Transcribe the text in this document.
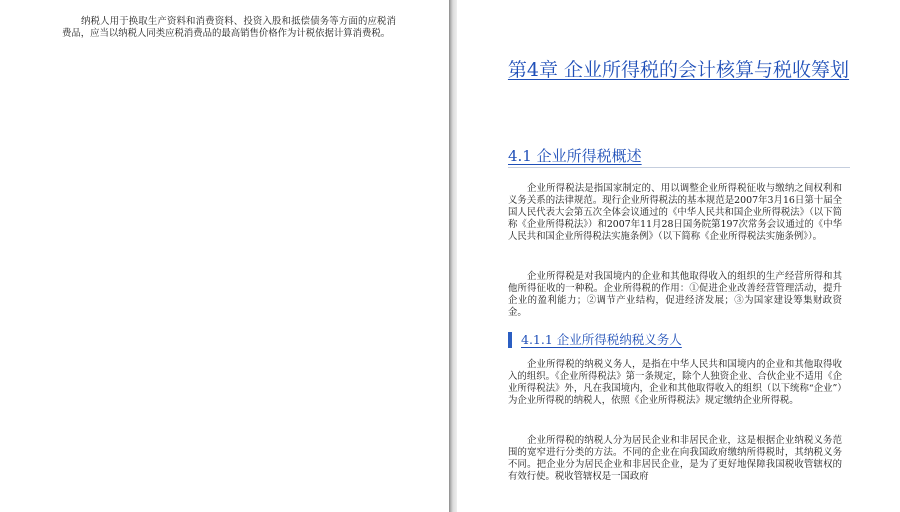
纳税人用于换取生产资料和消费资料、投资入股和抵偿债务等方面的应税消费品，应当以纳税人同类应税消费品的最高销售价格作为计税依据计算消费税。

第4章 企业所得税的会计核算与税收筹划
4.1 企业所得税概述

企业所得税法是指国家制定的、用以调整企业所得税征收与缴纳之间权利和义务关系的法律规范。现行企业所得税法的基本规范是2007年3月16日第十届全国人民代表大会第五次全体会议通过的《中华人民共和国企业所得税法》（以下简称《企业所得税法》）和2007年11月28日国务院第197次常务会议通过的《中华人民共和国企业所得税法实施条例》（以下简称《企业所得税法实施条例》）。

企业所得税是对我国境内的企业和其他取得收入的组织的生产经营所得和其他所得征收的一种税。企业所得税的作用：①促进企业改善经营管理活动，提升企业的盈利能力；②调节产业结构，促进经济发展；③为国家建设筹集财政资金。

4.1.1 企业所得税纳税义务人

企业所得税的纳税义务人，是指在中华人民共和国境内的企业和其他取得收入的组织。《企业所得税法》第一条规定，除个人独资企业、合伙企业不适用《企业所得税法》外，凡在我国境内，企业和其他取得收入的组织（以下统称“企业”）为企业所得税的纳税人，依照《企业所得税法》规定缴纳企业所得税。

企业所得税的纳税人分为居民企业和非居民企业，这是根据企业纳税义务范围的宽窄进行分类的方法。不同的企业在向我国政府缴纳所得税时，其纳税义务不同。把企业分为居民企业和非居民企业，是为了更好地保障我国税收管辖权的有效行使。税收管辖权是一国政府
